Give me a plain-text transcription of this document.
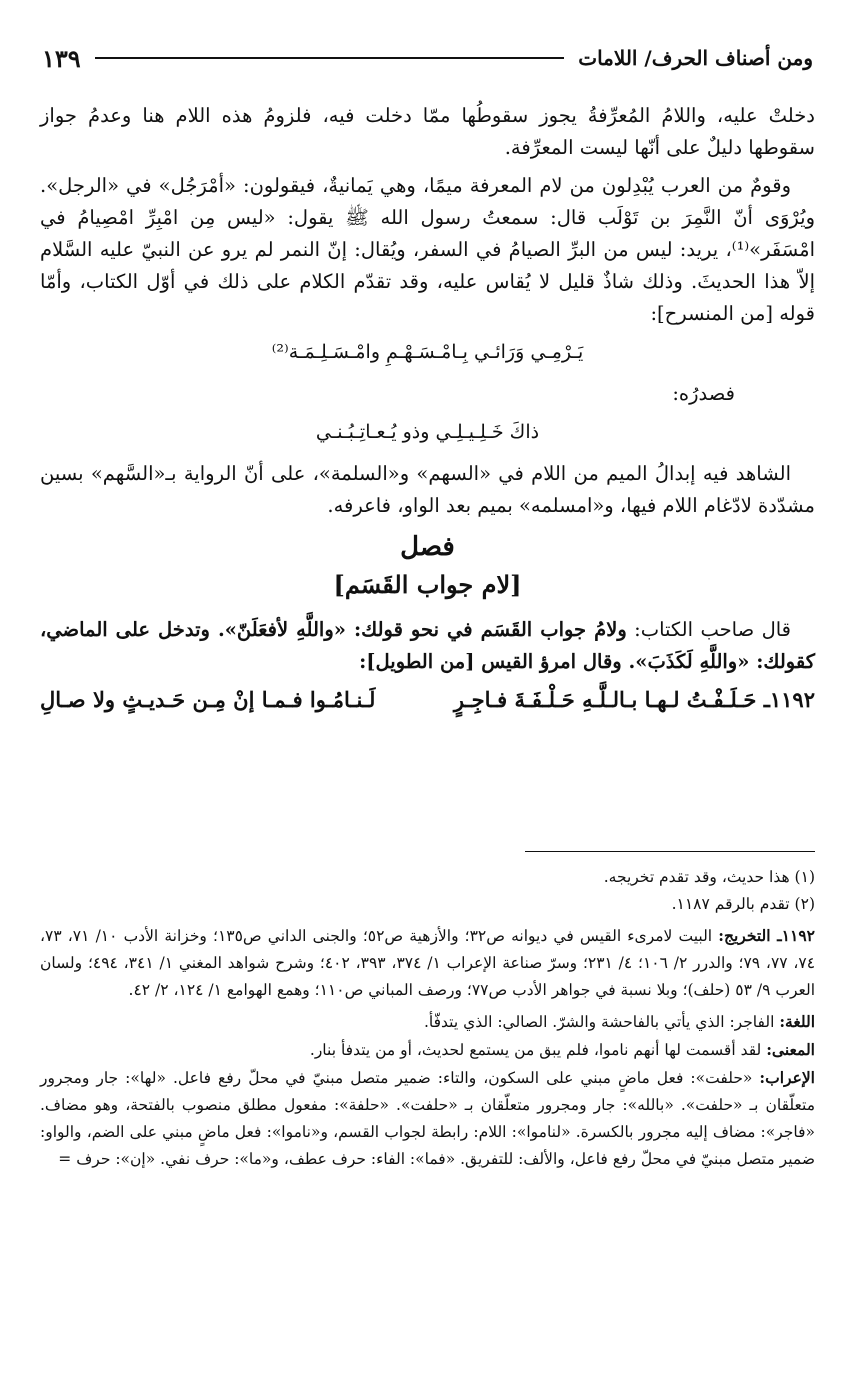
ومن أصناف الحرف/ اللامات
١٣٩

دخلتْ عليه، واللامُ المُعرِّفةُ يجوز سقوطُها ممّا دخلت فيه، فلزومُ هذه اللام هنا وعدمُ جواز سقوطها دليلٌ على أنّها ليست المعرِّفة.

وقومٌ من العرب يُبْدِلون من لام المعرفة ميمًا، وهي يَمانيةٌ، فيقولون: «أمْرَجُل» في «الرجل». ويُرْوَى أنّ النَّمِرَ بن تَوْلَب قال: سمعتُ رسول الله ﷺ يقول: «ليس مِن امْبِرِّ امْصِيامُ في امْسَفَر»⁽¹⁾، يريد: ليس من البرِّ الصيامُ في السفر، ويُقال: إنّ النمر لم يرو عن النبيّ عليه السَّلام إلاّ هذا الحديثَ. وذلك شاذٌ قليل لا يُقاس عليه، وقد تقدّم الكلام على ذلك في أوّل الكتاب، وأمّا قوله [من المنسرح]:

يَـرْمِـي وَرَائـي بِـامْـسَـهْـمِ وامْـسَـلِـمَـة⁽²⁾
فصدرُه:
ذاكَ خَـلِـيـلِـي وذو يُـعـاتِـبُـنـي

الشاهد فيه إبدالُ الميم من اللام في «السهم» و«السلمة»، على أنّ الرواية بـ«السَّهم» بسين مشدّدة لادّغام اللام فيها، و«امسلمه» بميم بعد الواو، فاعرفه.

فصل
[لام جواب القَسَم]

قال صاحب الكتاب: ولامُ جواب القَسَم في نحو قولك: «واللَّهِ لأفعَلَنّ». وتدخل على الماضي، كقولك: «واللَّهِ لَكَذَبَ». وقال امرؤ القيس [من الطويل]:

١١٩٢ـ حَـلَـفْـتُ لـهـا بـالـلَّـهِ حَـلْـفَـةَ فـاجِـرٍ
لَـنـامُـوا فـمـا إنْ مِـن حَـديـثٍ ولا صـالِ

(١) هذا حديث، وقد تقدم تخريجه.

(٢) تقدم بالرقم ١١٨٧.

١١٩٢ـ التخريج: البيت لامرىء القيس في ديوانه ص٣٢؛ والأزهية ص٥٢؛ والجنى الداني ص١٣٥؛ وخزانة الأدب ١٠/ ٧١، ٧٣، ٧٤، ٧٧، ٧٩؛ والدرر ٢/ ١٠٦؛ ٤/ ٢٣١؛ وسرّ صناعة الإعراب ١/ ٣٧٤، ٣٩٣، ٤٠٢؛ وشرح شواهد المغني ١/ ٣٤١، ٤٩٤؛ ولسان العرب ٩/ ٥٣ (حلف)؛ وبلا نسبة في جواهر الأدب ص٧٧؛ ورصف المباني ص١١٠؛ وهمع الهوامع ١/ ١٢٤، ٢/ ٤٢.

اللغة: الفاجر: الذي يأتي بالفاحشة والشرّ. الصالي: الذي يتدفّأ.

المعنى: لقد أقسمت لها أنهم ناموا، فلم يبق من يستمع لحديث، أو من يتدفأ بنار.

الإعراب: «حلفت»: فعل ماضٍ مبني على السكون، والتاء: ضمير متصل مبنيّ في محلّ رفع فاعل. «لها»: جار ومجرور متعلّقان بـ «حلفت». «بالله»: جار ومجرور متعلّقان بـ «حلفت». «حلفة»: مفعول مطلق منصوب بالفتحة، وهو مضاف. «فاجر»: مضاف إليه مجرور بالكسرة. «لناموا»: اللام: رابطة لجواب القسم، و«ناموا»: فعل ماضٍ مبني على الضم، والواو: ضمير متصل مبنيّ في محلّ رفع فاعل، والألف: للتفريق. «فما»: الفاء: حرف عطف، و«ما»: حرف نفي. «إن»: حرف =
